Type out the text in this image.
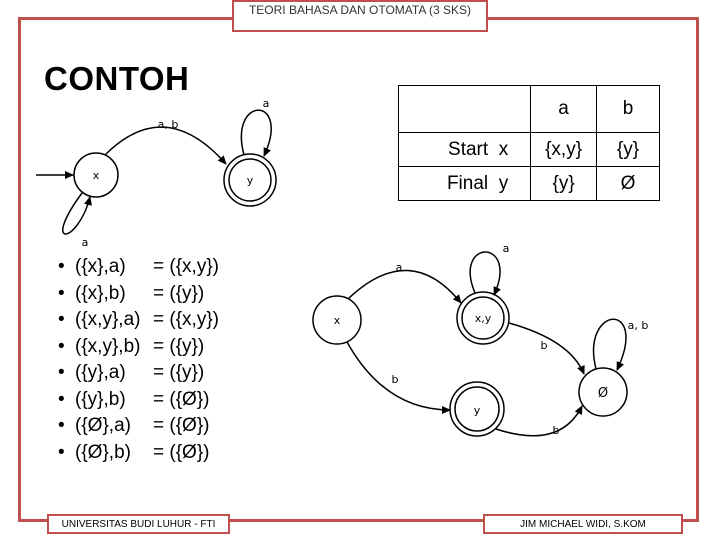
TEORI BAHASA DAN OTOMATA (3 SKS)
CONTOH
x	y
a, b
a
a
x	x,y
y
Ø
a
a
b
b
a, b
b
	a	b
Start  x	{x,y}	{y}
Final  y	{y}	Ø
• ({x},a) = ({x,y})
• ({x},b) = ({y})
• ({x,y},a) = ({x,y})
• ({x,y},b) = ({y})
• ({y},a) = ({y})
• ({y},b) = ({Ø})
• ({Ø},a) = ({Ø})
• ({Ø},b) = ({Ø})
UNIVERSITAS BUDI LUHUR - FTI	JIM MICHAEL WIDI, S.KOM
